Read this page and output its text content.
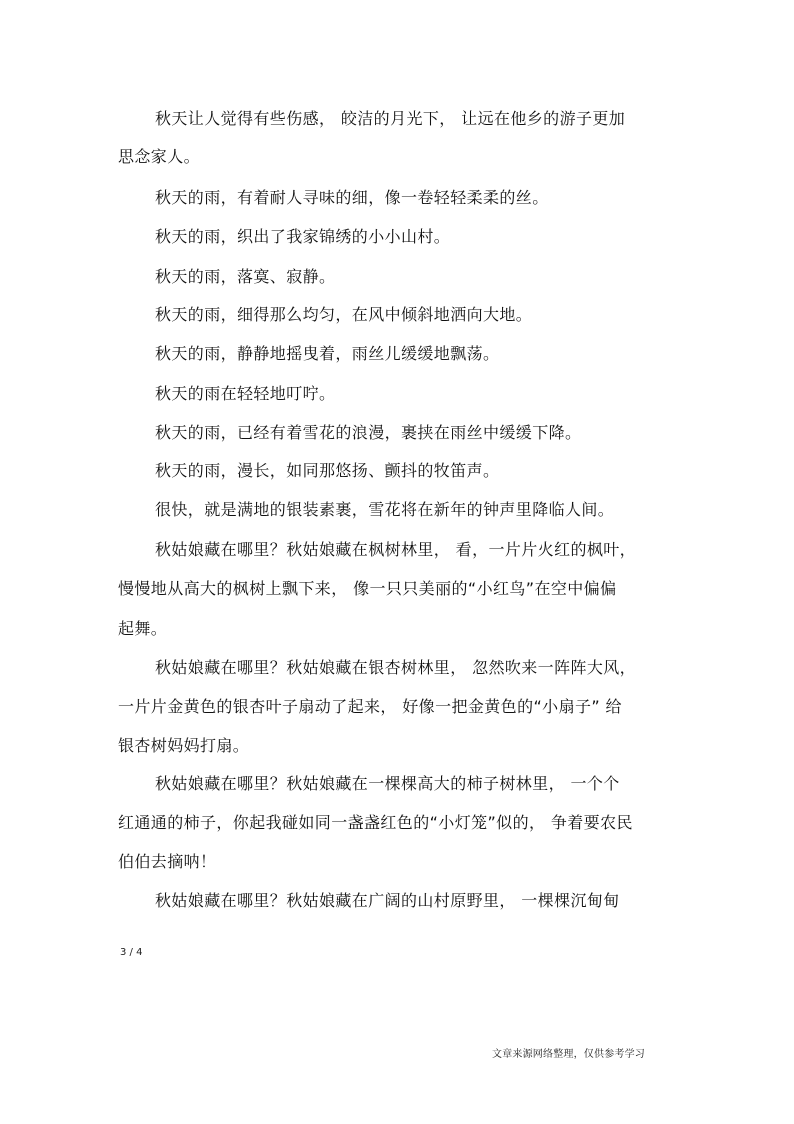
秋天让人觉得有些伤感， 皎洁的月光下， 让远在他乡的游子更加
思念家人。
秋天的雨，有着耐人寻味的细，像一卷轻轻柔柔的丝。
秋天的雨，织出了我家锦绣的小小山村。
秋天的雨，落寞、寂静。
秋天的雨，细得那么均匀，在风中倾斜地洒向大地。
秋天的雨，静静地摇曳着，雨丝儿缓缓地飘荡。
秋天的雨在轻轻地叮咛。
秋天的雨，已经有着雪花的浪漫，裹挟在雨丝中缓缓下降。
秋天的雨，漫长，如同那悠扬、颤抖的牧笛声。
很快，就是满地的银装素裹，雪花将在新年的钟声里降临人间。
秋姑娘藏在哪里？秋姑娘藏在枫树林里， 看，一片片火红的枫叶，
慢慢地从高大的枫树上飘下来， 像一只只美丽的“小红鸟”在空中偏偏
起舞。
秋姑娘藏在哪里？秋姑娘藏在银杏树林里， 忽然吹来一阵阵大风，
一片片金黄色的银杏叶子扇动了起来， 好像一把金黄色的“小扇子” 给
银杏树妈妈打扇。
秋姑娘藏在哪里？秋姑娘藏在一棵棵高大的柿子树林里， 一个个
红通通的柿子，你起我碰如同一盏盏红色的“小灯笼”似的， 争着要农民
伯伯去摘呐！
秋姑娘藏在哪里？秋姑娘藏在广阔的山村原野里， 一棵棵沉甸甸
3 / 4
文章来源网络整理，仅供参考学习
